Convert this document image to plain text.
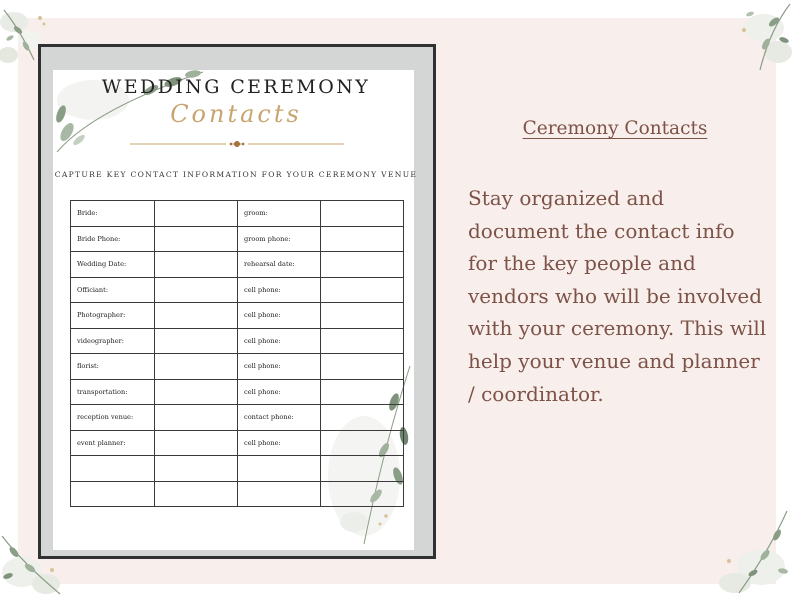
WEDDING CEREMONY
Contacts
CAPTURE KEY CONTACT INFORMATION FOR YOUR CEREMONY VENUE
Bride:		groom:	
Bride Phone:		groom phone:	
Wedding Date:		rehearsal date:	
Officiant:		cell phone:	
Photographer:		cell phone:	
videographer:		cell phone:	
florist:		cell phone:	
transportation:		cell phone:	
reception venue:		contact phone:	
event planner:		cell phone:	

Ceremony Contacts
Stay organized and document the contact info for the key people and vendors who will be involved with your ceremony. This will help your venue and planner / coordinator.
